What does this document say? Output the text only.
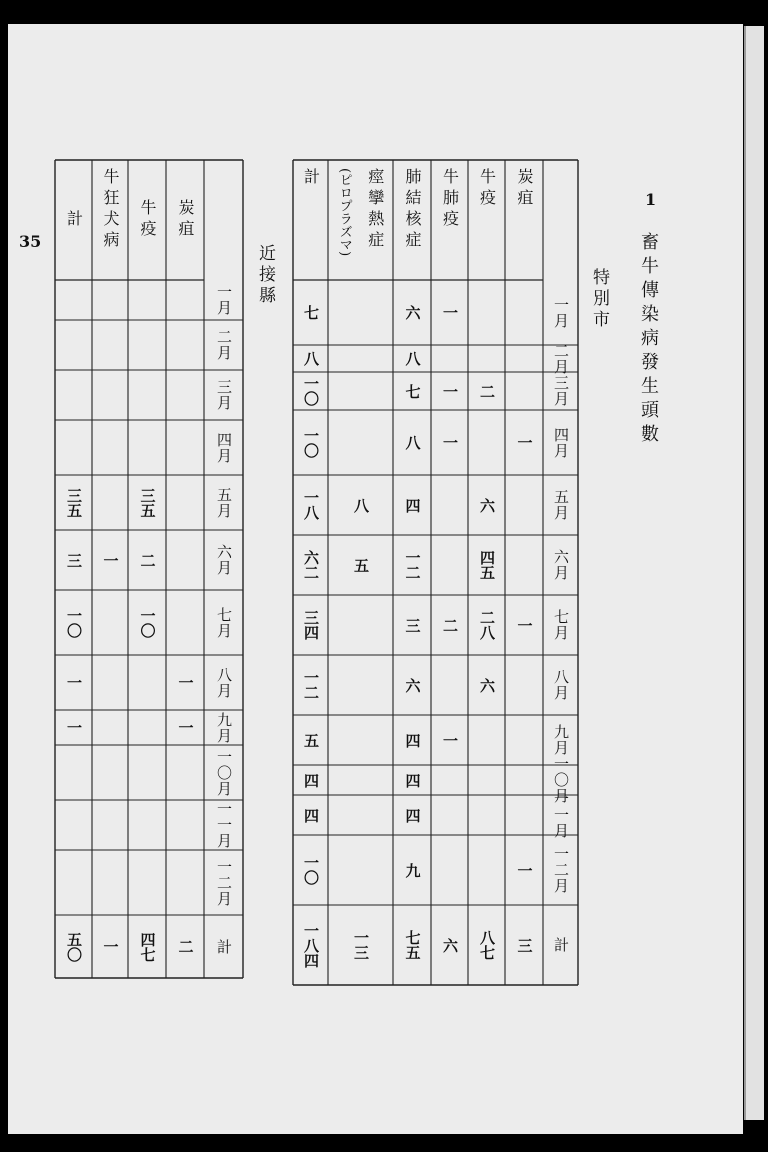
35
1
畜牛傳染病發生頭數
特別市
近接縣
一月
二月
三月
四月
五月
六月
七月
八月
九月
一〇月
一一月
一二月
計
炭疽
一
一
一
三
牛疫
二
六
四五
二八
六
八七
牛肺疫
一
一
一
二
一
六
肺結核症
六
八
七
八
四
一二
三
六
四
四
四
九
七五
痙攣熱症
(ピロプラズマ)
八
五
一三
計
七
八
一〇
一〇
一八
六二
三四
一二
五
四
四
一〇
一八四
一月
二月
三月
四月
五月
六月
七月
八月
九月
一〇月
一一月
一二月
計
炭疽
一
一
二
牛疫
三五
二
一〇
四七
牛狂犬病
一
一
計
三五
三
一〇
一
一
五〇
